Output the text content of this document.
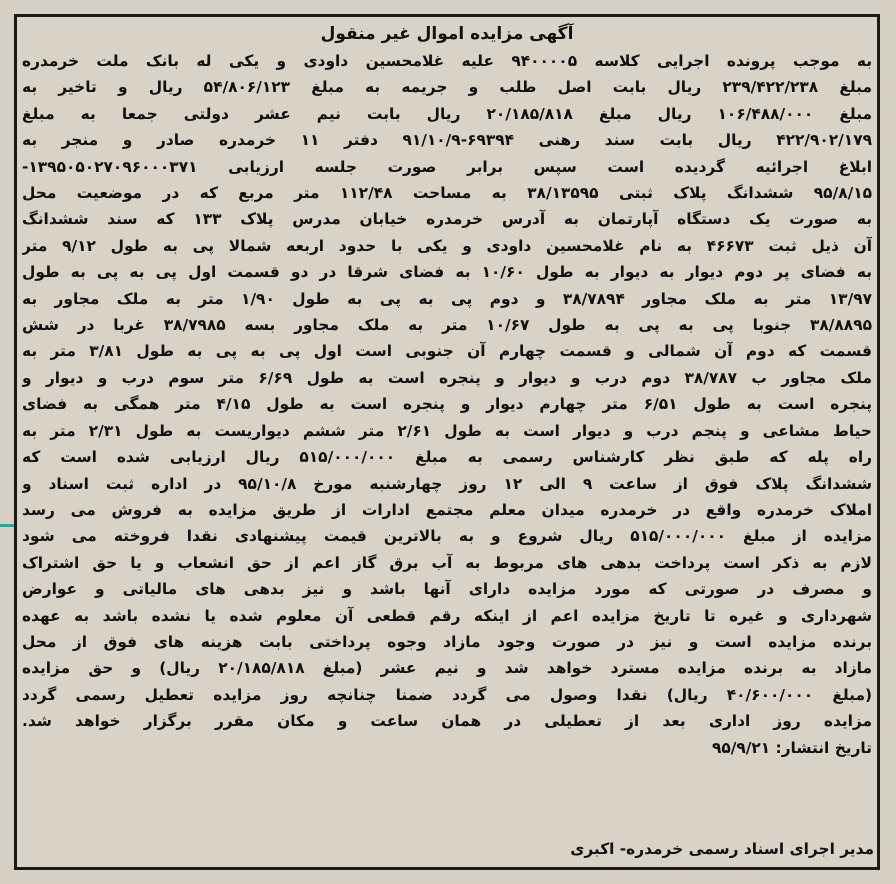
آگهی مزایده اموال غیر منقول
به موجب پرونده اجرایی کلاسه ۹۴۰۰۰۰۵ علیه غلامحسین داودی و یکی له بانک ملت خرمدره
مبلغ ۲۳۹/۴۲۲/۲۳۸ ریال بابت اصل طلب و جریمه به مبلغ ۵۴/۸۰۶/۱۲۳ ریال و تاخیر به
مبلغ ۱۰۶/۴۸۸/۰۰۰ ریال مبلغ ۲۰/۱۸۵/۸۱۸ ریال بابت نیم عشر دولتی جمعا به مبلغ
۴۲۲/۹۰۲/۱۷۹ ریال بابت سند رهنی ۶۹۳۹۴-۹۱/۱۰/۹ دفتر ۱۱ خرمدره صادر و منجر به
ابلاغ اجرائیه گردیده است سپس برابر صورت جلسه ارزیابی ۱۳۹۵۰۵۰۲۷۰۹۶۰۰۰۳۷۱-
۹۵/۸/۱۵ ششدانگ پلاک ثبتی ۳۸/۱۳۵۹۵ به مساحت ۱۱۲/۴۸ متر مربع که در موضعیت محل
به صورت یک دستگاه آپارتمان به آدرس خرمدره خیابان مدرس پلاک ۱۳۳ که سند ششدانگ
آن ذیل ثبت ۴۶۶۷۳ به نام غلامحسین داودی و یکی با حدود اربعه شمالا پی به طول ۹/۱۲ متر
به فضای پر دوم دیوار به دیوار به طول ۱۰/۶۰ به فضای شرقا در دو قسمت اول پی به پی به طول
۱۳/۹۷ متر به ملک مجاور ۳۸/۷۸۹۴ و دوم پی به پی به طول ۱/۹۰ متر به ملک مجاور به
۳۸/۸۸۹۵ جنوبا پی به پی به طول ۱۰/۶۷ متر به ملک مجاور بسه ۳۸/۷۹۸۵ غربا در شش
قسمت که دوم آن شمالی و قسمت چهارم آن جنوبی است اول پی به پی به طول ۳/۸۱ متر به
ملک مجاور ب ۳۸/۷۸۷ دوم درب و دیوار و پنجره است به طول ۶/۶۹ متر سوم درب و دیوار و
پنجره است به طول ۶/۵۱ متر چهارم دیوار و پنجره است به طول ۴/۱۵ متر همگی به فضای
حیاط مشاعی و پنجم درب و دیوار است به طول ۲/۶۱ متر ششم دیواریست به طول ۲/۳۱ متر به
راه پله که طبق نظر کارشناس رسمی به مبلغ ۵۱۵/۰۰۰/۰۰۰ ریال ارزیابی شده است که
ششدانگ پلاک فوق از ساعت ۹ الی ۱۲ روز چهارشنبه مورخ ۹۵/۱۰/۸ در اداره ثبت اسناد و
املاک خرمدره واقع در خرمدره میدان معلم مجتمع ادارات از طریق مزایده به فروش می رسد
مزایده از مبلغ ۵۱۵/۰۰۰/۰۰۰ ریال شروع و به بالاترین قیمت پیشنهادی نقدا فروخته می شود
لازم به ذکر است پرداخت بدهی های مربوط به آب برق گاز اعم از حق انشعاب و یا حق اشتراک
و مصرف در صورتی که مورد مزایده دارای آنها باشد و نیز بدهی های مالیاتی و عوارض
شهرداری و غیره تا تاریخ مزایده اعم از اینکه رقم قطعی آن معلوم شده یا نشده باشد به عهده
برنده مزایده است و نیز در صورت وجود مازاد وجوه پرداختی بابت هزینه های فوق از محل
مازاد به برنده مزایده مسترد خواهد شد و نیم عشر (مبلغ ۲۰/۱۸۵/۸۱۸ ریال) و حق مزایده
(مبلغ ۴۰/۶۰۰/۰۰۰ ریال) نقدا وصول می گردد ضمنا چنانچه روز مزایده تعطیل رسمی گردد
مزایده روز اداری بعد از تعطیلی در همان ساعت و مکان مقرر برگزار خواهد شد.
تاریخ انتشار: ۹۵/۹/۲۱
مدیر اجرای اسناد رسمی خرمدره- اکبری
